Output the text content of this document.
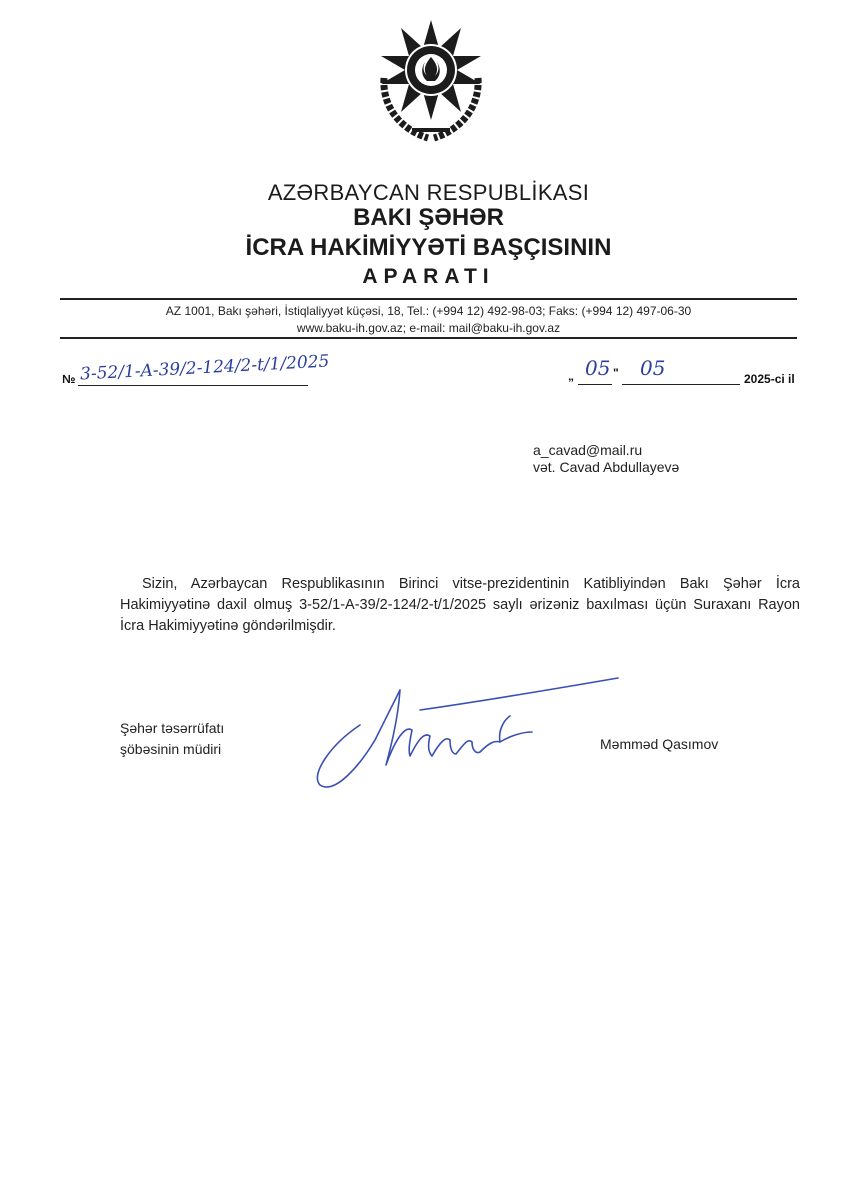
AZƏRBAYCAN RESPUBLİKASI
BAKI ŞƏHƏR
İCRA HAKİMİYYƏTİ BAŞÇISININ
APARATI
AZ 1001, Bakı şəhəri, İstiqlaliyyət küçəsi, 18, Tel.: (+994 12) 492-98-03; Faks: (+994 12) 497-06-30
www.baku-ih.gov.az; e-mail: mail@baku-ih.gov.az
№ 3-52/1-A-39/2-124/2-t/1/2025	„ 05 " 05	2025-ci il
a_cavad@mail.ru
vət. Cavad Abdullayevə
Sizin, Azərbaycan Respublikasının Birinci vitse-prezidentinin Katibliyindən Bakı Şəhər İcra Hakimiyyətinə daxil olmuş 3-52/1-A-39/2-124/2-t/1/2025 saylı ərizəniz baxılması üçün Suraxanı Rayon İcra Hakimiyyətinə göndərilmişdir.
Şəhər təsərrüfatı
şöbəsinin müdiri	Məmməd Qasımov
